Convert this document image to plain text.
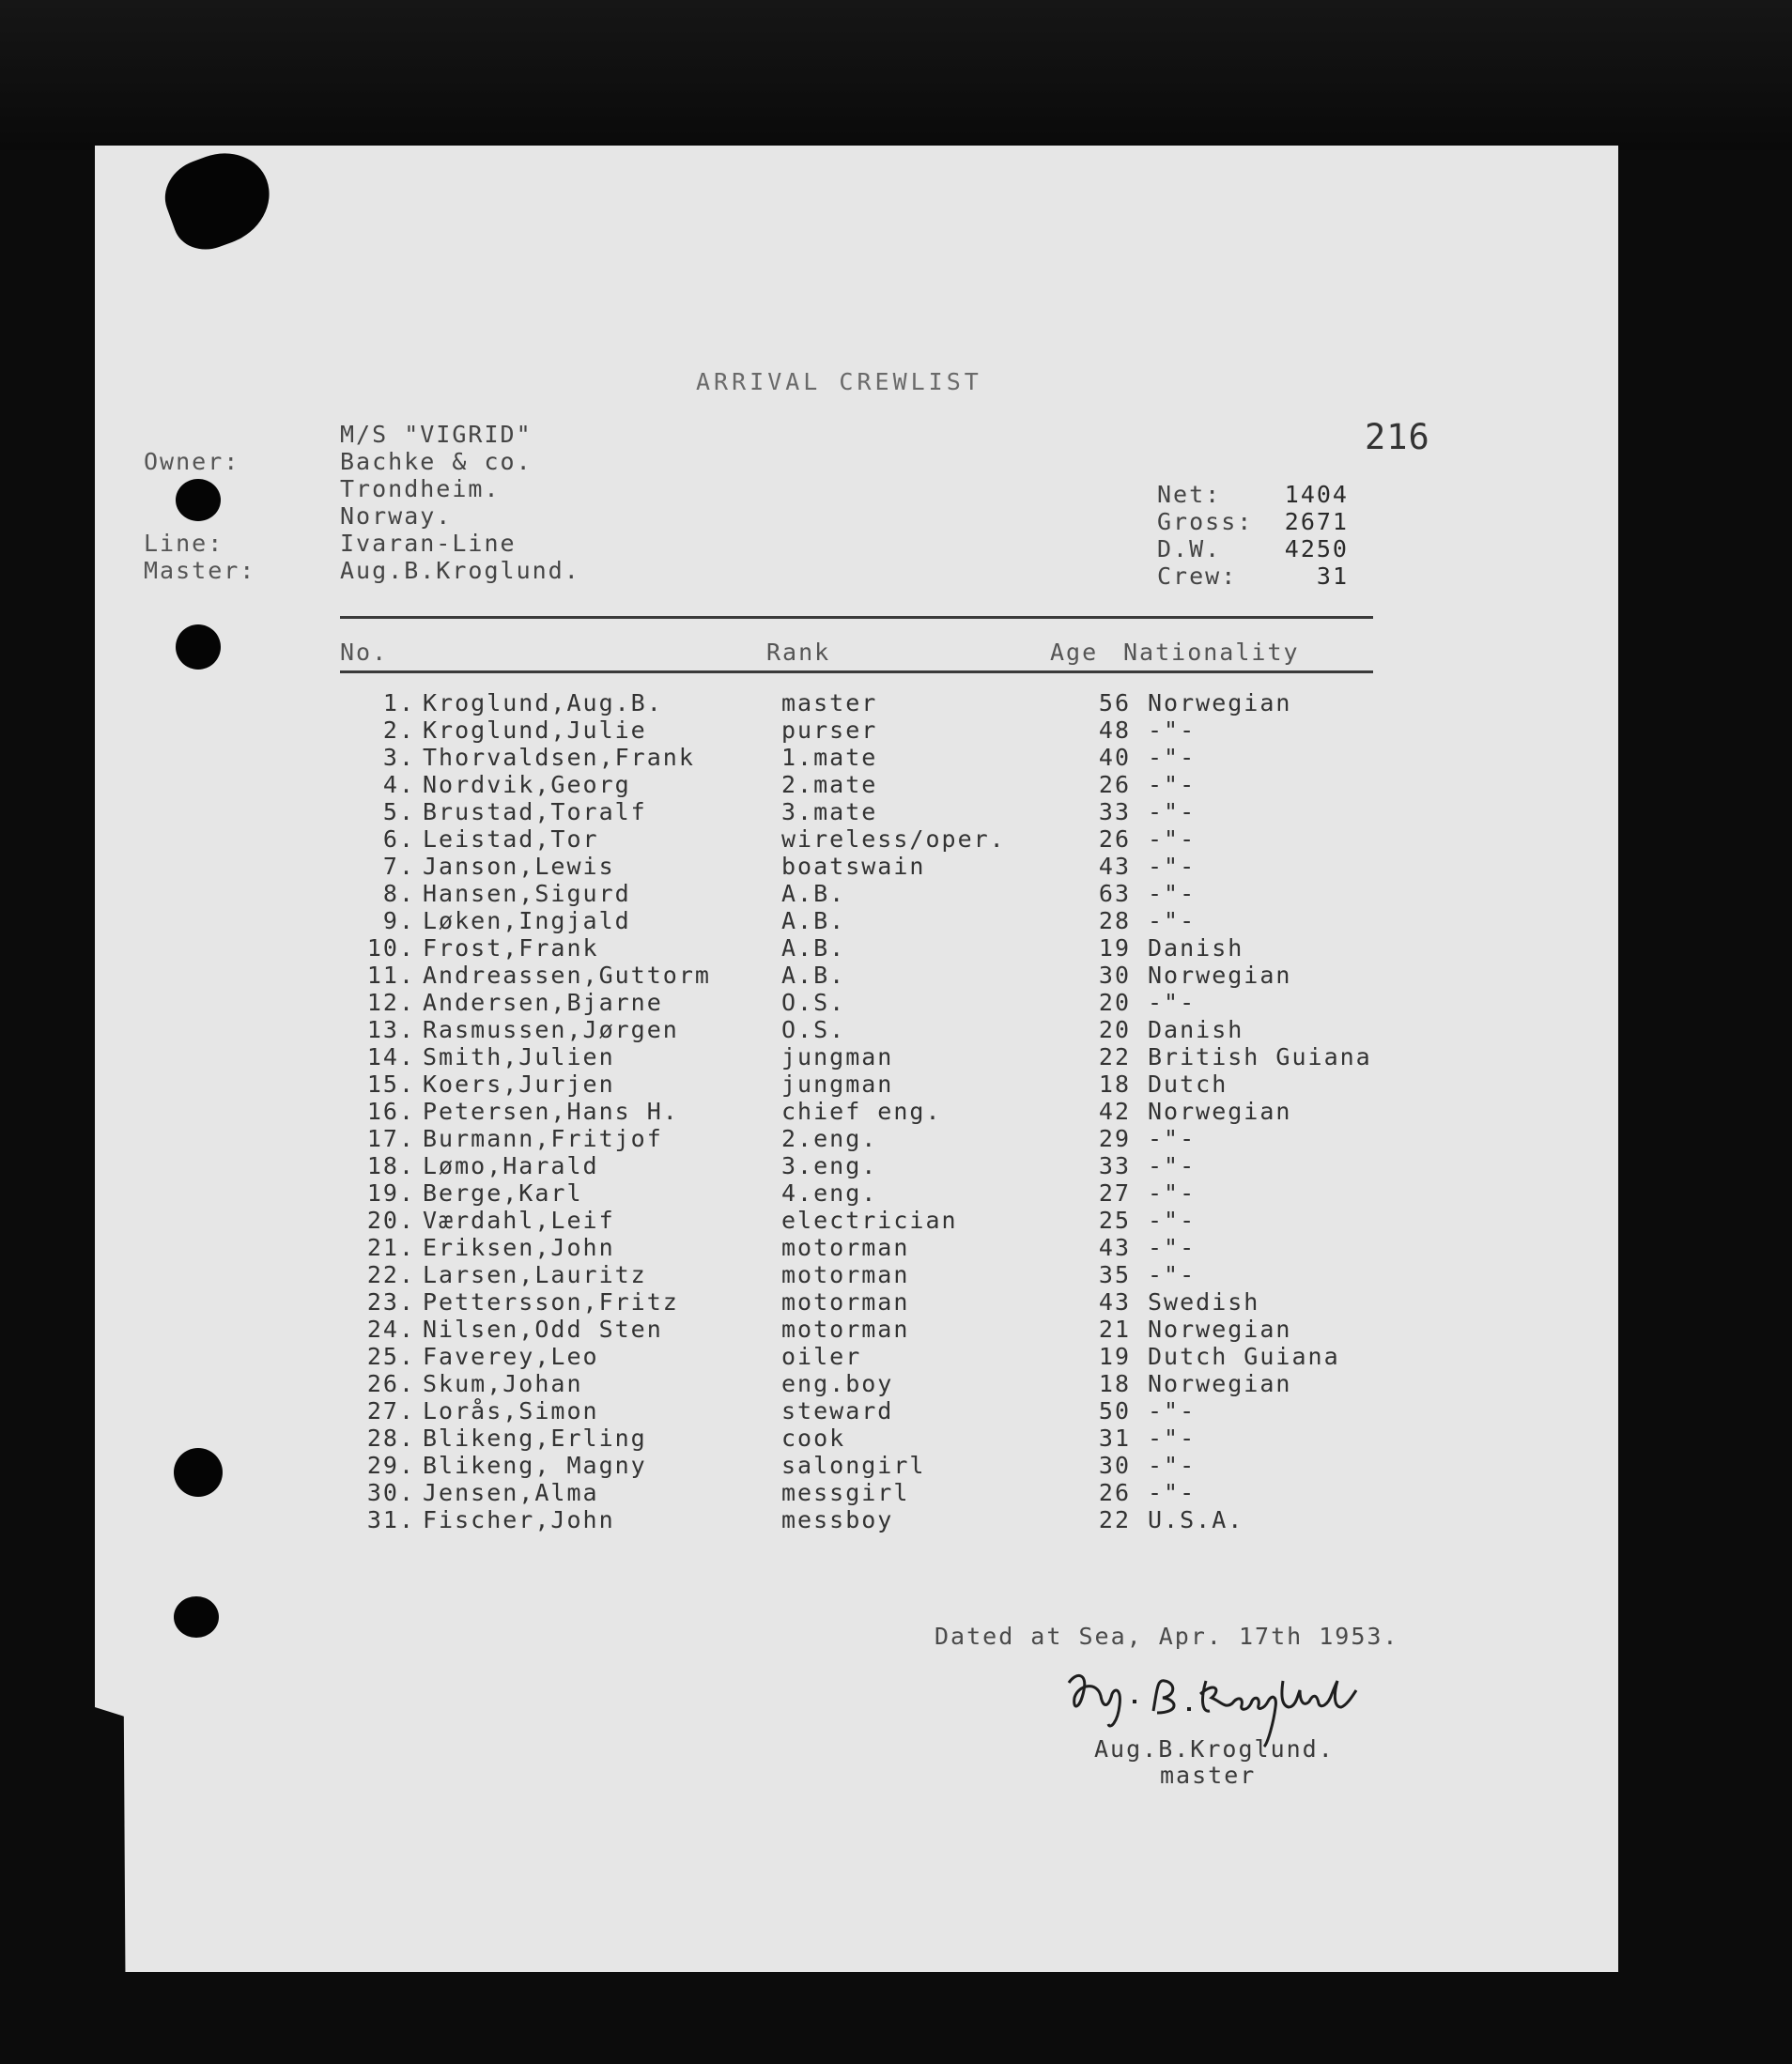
ARRIVAL CREWLIST
216
M/S "VIGRID"
Owner:	Bachke & co.
Trondheim.
Norway.
Line:	Ivaran-Line
Master:	Aug.B.Kroglund.
Net:	1404
Gross:	2671
D.W.	4250
Crew:	31
No.	Rank	Age Nationality
1.	Kroglund,Aug.B.	master	56	Norwegian
2.	Kroglund,Julie	purser	48	-"-
3.	Thorvaldsen,Frank	1.mate	40	-"-
4.	Nordvik,Georg	2.mate	26	-"-
5.	Brustad,Toralf	3.mate	33	-"-
6.	Leistad,Tor	wireless/oper.	26	-"-
7.	Janson,Lewis	boatswain	43	-"-
8.	Hansen,Sigurd	A.B.	63	-"-
9.	Løken,Ingjald	A.B.	28	-"-
10.	Frost,Frank	A.B.	19	Danish
11.	Andreassen,Guttorm	A.B.	30	Norwegian
12.	Andersen,Bjarne	O.S.	20	-"-
13.	Rasmussen,Jørgen	O.S.	20	Danish
14.	Smith,Julien	jungman	22	British Guiana
15.	Koers,Jurjen	jungman	18	Dutch
16.	Petersen,Hans H.	chief eng.	42	Norwegian
17.	Burmann,Fritjof	2.eng.	29	-"-
18.	Lømo,Harald	3.eng.	33	-"-
19.	Berge,Karl	4.eng.	27	-"-
20.	Værdahl,Leif	electrician	25	-"-
21.	Eriksen,John	motorman	43	-"-
22.	Larsen,Lauritz	motorman	35	-"-
23.	Pettersson,Fritz	motorman	43	Swedish
24.	Nilsen,Odd Sten	motorman	21	Norwegian
25.	Faverey,Leo	oiler	19	Dutch Guiana
26.	Skum,Johan	eng.boy	18	Norwegian
27.	Lorås,Simon	steward	50	-"-
28.	Blikeng,Erling	cook	31	-"-
29.	Blikeng, Magny	salongirl	30	-"-
30.	Jensen,Alma	messgirl	26	-"-
31.	Fischer,John	messboy	22	U.S.A.
Dated at Sea, Apr. 17th 1953.
Aug.B.Kroglund.
master
